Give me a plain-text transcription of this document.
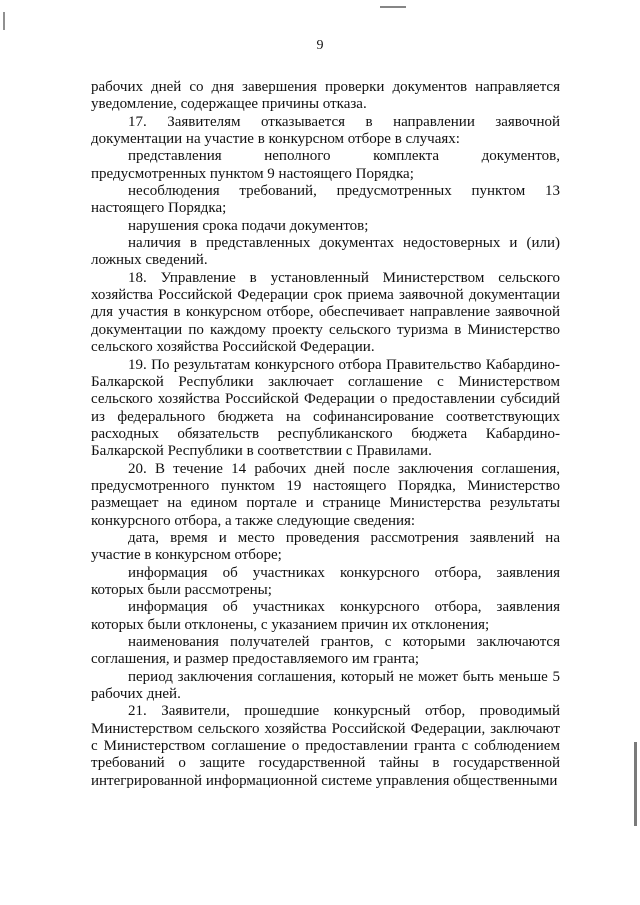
9

рабочих дней со дня завершения проверки документов направляется уведомление, содержащее причины отказа.

17. Заявителям отказывается в направлении заявочной документации на участие в конкурсном отборе в случаях:

представления неполного комплекта документов, предусмотренных пунктом 9 настоящего Порядка;

несоблюдения требований, предусмотренных пунктом 13 настоящего Порядка;

нарушения срока подачи документов;

наличия в представленных документах недостоверных и (или) ложных сведений.

18. Управление в установленный Министерством сельского хозяйства Российской Федерации срок приема заявочной документации для участия в конкурсном отборе, обеспечивает направление заявочной документации по каждому проекту сельского туризма в Министерство сельского хозяйства Российской Федерации.

19. По результатам конкурсного отбора Правительство Кабардино-Балкарской Республики заключает соглашение с Министерством сельского хозяйства Российской Федерации о предоставлении субсидий из федерального бюджета на софинансирование соответствующих расходных обязательств республиканского бюджета Кабардино-Балкарской Республики в соответствии с Правилами.

20. В течение 14 рабочих дней после заключения соглашения, предусмотренного пунктом 19 настоящего Порядка, Министерство размещает на едином портале и странице Министерства результаты конкурсного отбора, а также следующие сведения:

дата, время и место проведения рассмотрения заявлений на участие в конкурсном отборе;

информация об участниках конкурсного отбора, заявления которых были рассмотрены;

информация об участниках конкурсного отбора, заявления которых были отклонены, с указанием причин их отклонения;

наименования получателей грантов, с которыми заключаются соглашения, и размер предоставляемого им гранта;

период заключения соглашения, который не может быть меньше 5 рабочих дней.

21. Заявители, прошедшие конкурсный отбор, проводимый Министерством сельского хозяйства Российской Федерации, заключают с Министерством соглашение о предоставлении гранта с соблюдением требований о защите государственной тайны в государственной интегрированной информационной системе управления общественными
